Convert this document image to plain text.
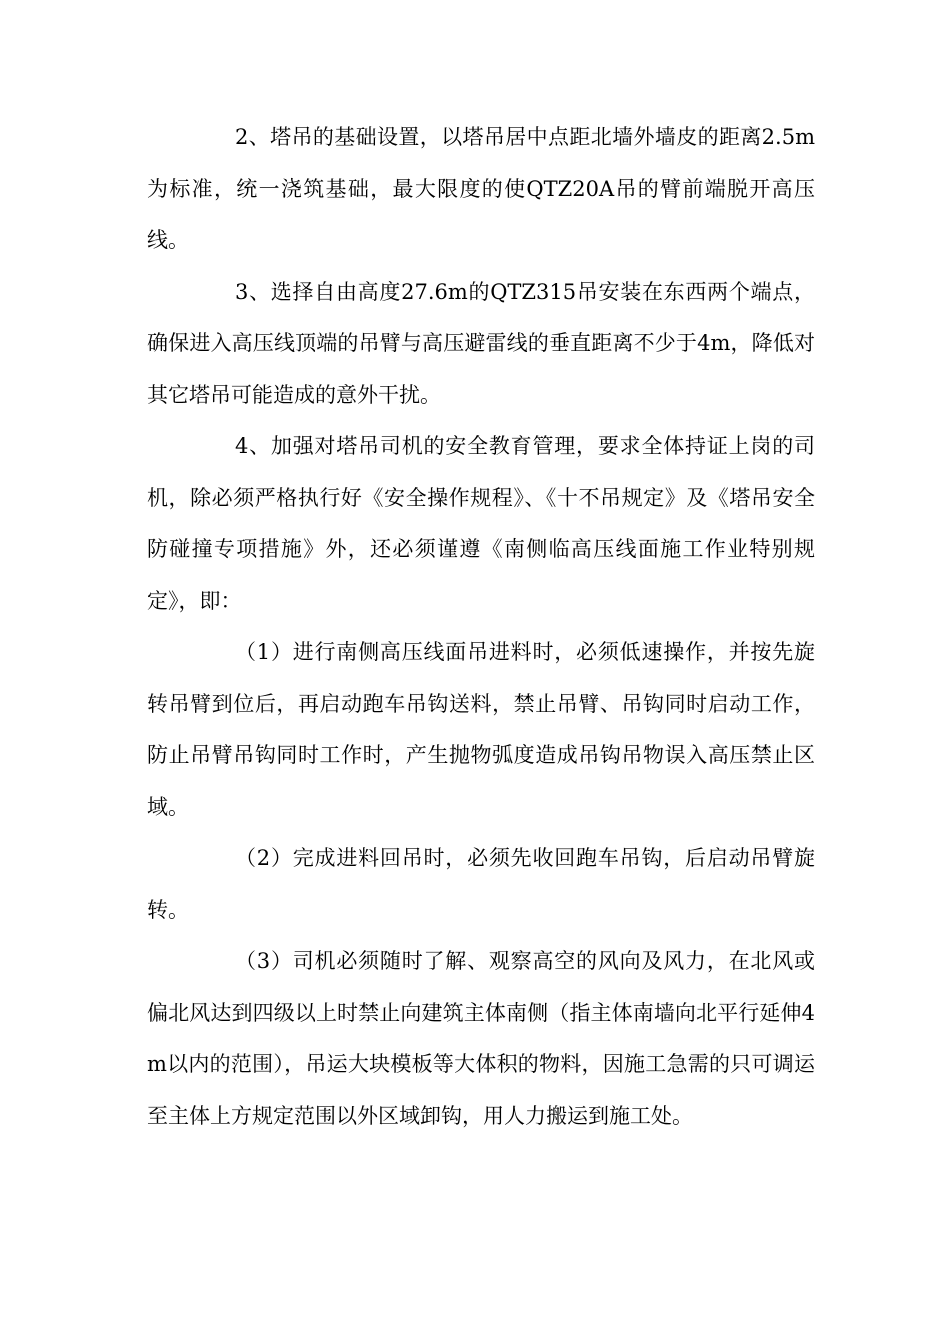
2、塔吊的基础设置，以塔吊居中点距北墙外墙皮的距离2.5m为标准，统一浇筑基础，最大限度的使QTZ20A吊的臂前端脱开高压线。

3、选择自由高度27.6m的QTZ315吊安装在东西两个端点，确保进入高压线顶端的吊臂与高压避雷线的垂直距离不少于4m，降低对其它塔吊可能造成的意外干扰。

4、加强对塔吊司机的安全教育管理，要求全体持证上岗的司机，除必须严格执行好《安全操作规程》、《十不吊规定》及《塔吊安全防碰撞专项措施》外，还必须谨遵《南侧临高压线面施工作业特别规定》，即：

（1）进行南侧高压线面吊进料时，必须低速操作，并按先旋转吊臂到位后，再启动跑车吊钩送料，禁止吊臂、吊钩同时启动工作，防止吊臂吊钩同时工作时，产生抛物弧度造成吊钩吊物误入高压禁止区域。

（2）完成进料回吊时，必须先收回跑车吊钩，后启动吊臂旋转。

（3）司机必须随时了解、观察高空的风向及风力，在北风或偏北风达到四级以上时禁止向建筑主体南侧（指主体南墙向北平行延伸4m以内的范围），吊运大块模板等大体积的物料，因施工急需的只可调运至主体上方规定范围以外区域卸钩，用人力搬运到施工处。
